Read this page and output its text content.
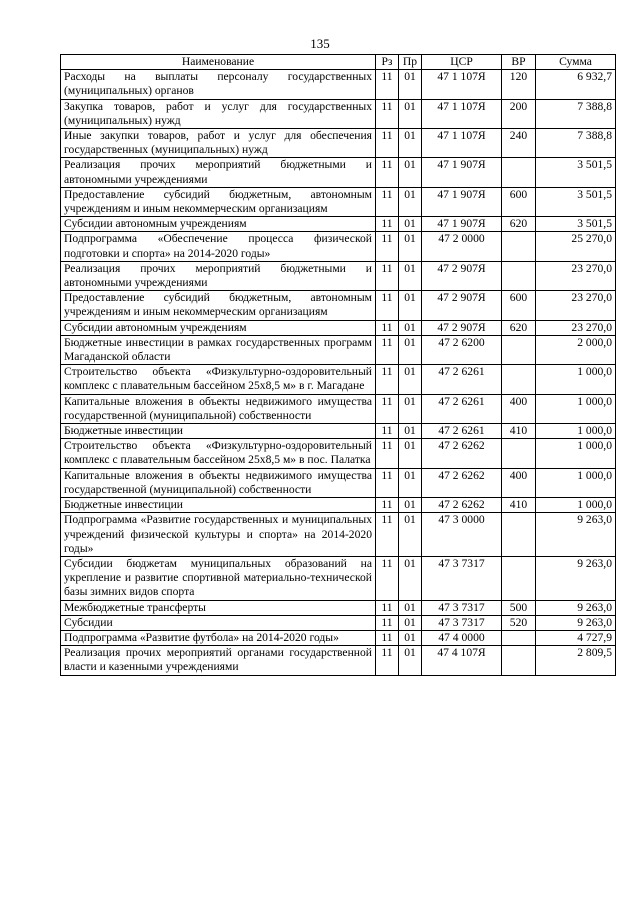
135
Наименование	Рз	Пр	ЦСР	ВР	Сумма
Расходы на выплаты персоналу государственных (муниципальных) органов	11	01	47 1 107Я	120	6 932,7
Закупка товаров, работ и услуг для государственных (муниципальных) нужд	11	01	47 1 107Я	200	7 388,8
Иные закупки товаров, работ и услуг для обеспечения государственных (муниципальных) нужд	11	01	47 1 107Я	240	7 388,8
Реализация прочих мероприятий бюджетными и автономными учреждениями	11	01	47 1 907Я		3 501,5
Предоставление субсидий бюджетным, автономным учреждениям и иным некоммерческим организациям	11	01	47 1 907Я	600	3 501,5
Субсидии автономным учреждениям	11	01	47 1 907Я	620	3 501,5
Подпрограмма «Обеспечение процесса физической подготовки и спорта» на 2014-2020 годы»	11	01	47 2 0000		25 270,0
Реализация прочих мероприятий бюджетными и автономными учреждениями	11	01	47 2 907Я		23 270,0
Предоставление субсидий бюджетным, автономным учреждениям и иным некоммерческим организациям	11	01	47 2 907Я	600	23 270,0
Субсидии автономным учреждениям	11	01	47 2 907Я	620	23 270,0
Бюджетные инвестиции в рамках государственных программ Магаданской области	11	01	47 2 6200		2 000,0
Строительство объекта «Физкультурно-оздоровительный комплекс с плавательным бассейном 25х8,5 м» в г. Магадане	11	01	47 2 6261		1 000,0
Капитальные вложения в объекты недвижимого имущества государственной (муниципальной) собственности	11	01	47 2 6261	400	1 000,0
Бюджетные инвестиции	11	01	47 2 6261	410	1 000,0
Строительство объекта «Физкультурно-оздоровительный комплекс с плавательным бассейном 25х8,5 м» в пос. Палатка	11	01	47 2 6262		1 000,0
Капитальные вложения в объекты недвижимого имущества государственной (муниципальной) собственности	11	01	47 2 6262	400	1 000,0
Бюджетные инвестиции	11	01	47 2 6262	410	1 000,0
Подпрограмма «Развитие государственных и муниципальных учреждений физической культуры и спорта» на 2014-2020 годы»	11	01	47 3 0000		9 263,0
Субсидии бюджетам муниципальных образований на укрепление и развитие спортивной материально-технической базы зимних видов спорта	11	01	47 3 7317		9 263,0
Межбюджетные трансферты	11	01	47 3 7317	500	9 263,0
Субсидии	11	01	47 3 7317	520	9 263,0
Подпрограмма «Развитие футбола» на 2014-2020 годы»	11	01	47 4 0000		4 727,9
Реализация прочих мероприятий органами государственной власти и казенными учреждениями	11	01	47 4 107Я		2 809,5
